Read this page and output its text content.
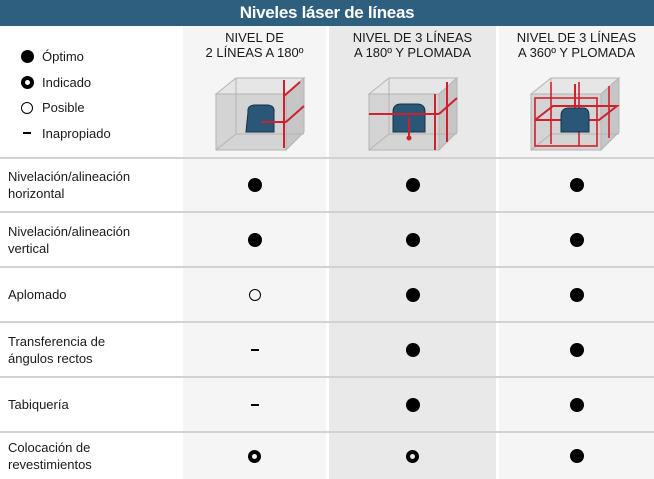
Niveles láser de líneas
Óptimo
Indicado
Posible
Inapropiado
NIVEL DE
2 LÍNEAS A 180º
NIVEL DE 3 LÍNEAS
A 180º Y PLOMADA
NIVEL DE 3 LÍNEAS
A 360º Y PLOMADA
Nivelación/alineación
horizontal
Nivelación/alineación
vertical
Aplomado
Transferencia de
ángulos rectos
Tabiquería
Colocación de
revestimientos
